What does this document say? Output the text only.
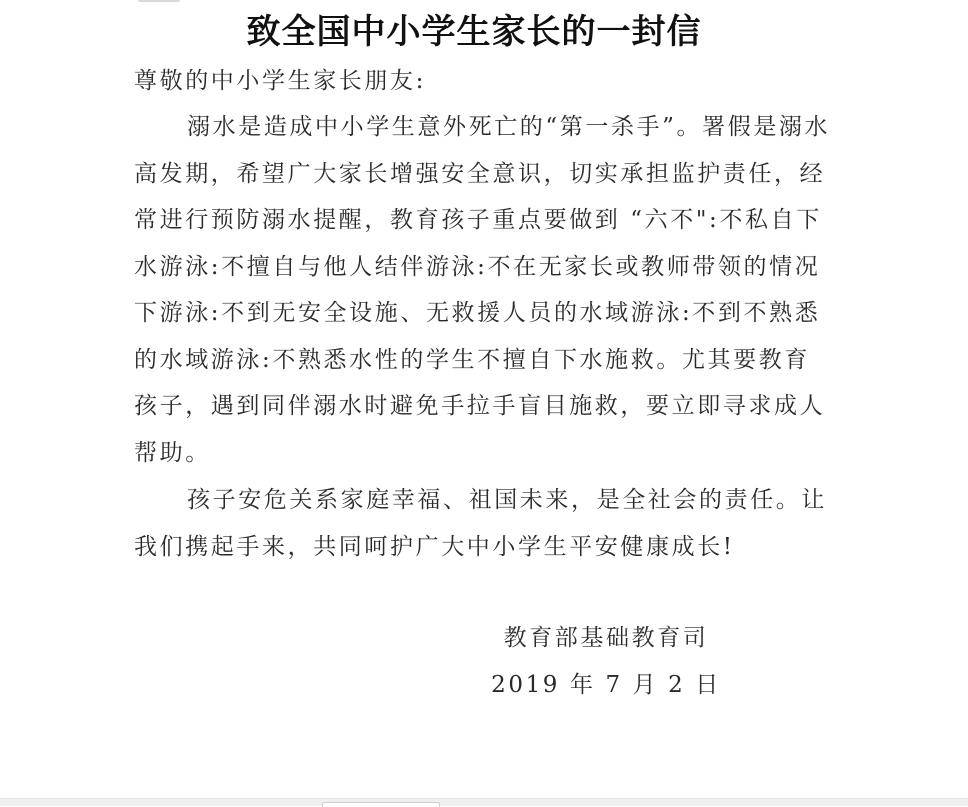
致全国中小学生家长的一封信
尊敬的中小学生家长朋友:
溺水是造成中小学生意外死亡的“第一杀手”。署假是溺水高发期，希望广大家长增强安全意识，切实承担监护责任，经常进行预防溺水提醒，教育孩子重点要做到 “六不":不私自下水游泳:不擅自与他人结伴游泳:不在无家长或教师带领的情况下游泳:不到无安全设施、无救援人员的水域游泳:不到不熟悉的水域游泳:不熟悉水性的学生不擅自下水施救。尤其要教育孩子，遇到同伴溺水时避免手拉手盲目施救，要立即寻求成人帮助。
孩子安危关系家庭幸福、祖国未来，是全社会的责任。让我们携起手来，共同呵护广大中小学生平安健康成长!
教育部基础教育司
2019 年 7 月 2 日
